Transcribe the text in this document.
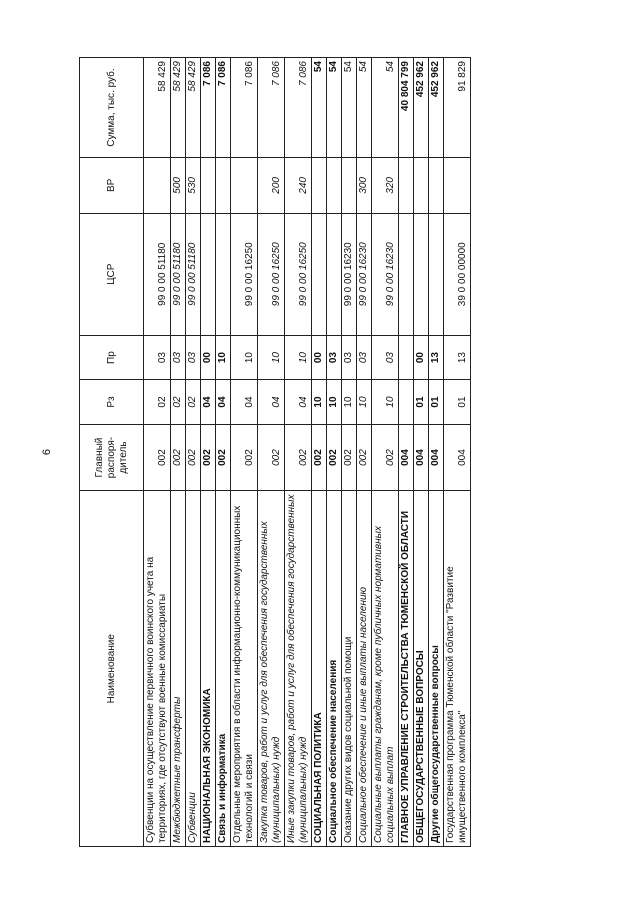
6
Наименование	Главный распоря-дитель	Рз	Пр	ЦСР	ВР	Сумма, тыс. руб.
Субвенции на осуществление первичного воинского учета на территориях, где отсутствуют военные комиссариаты	002	02	03	99 0 00 51180		58 429
Межбюджетные трансферты	002	02	03	99 0 00 51180	500	58 429
Субвенции	002	02	03	99 0 00 51180	530	58 429
НАЦИОНАЛЬНАЯ ЭКОНОМИКА	002	04	00			7 086
Связь и информатика	002	04	10			7 086
Отдельные мероприятия в области информационно-коммуникационных технологий и связи	002	04	10	99 0 00 16250		7 086
Закупка товаров, работ и услуг для обеспечения государственных (муниципальных) нужд	002	04	10	99 0 00 16250	200	7 086
Иные закупки товаров, работ и услуг для обеспечения государственных (муниципальных) нужд	002	04	10	99 0 00 16250	240	7 086
СОЦИАЛЬНАЯ ПОЛИТИКА	002	10	00			54
Социальное обеспечение населения	002	10	03			54
Оказание других видов социальной помощи	002	10	03	99 0 00 16230		54
Социальное обеспечение и иные выплаты населению	002	10	03	99 0 00 16230	300	54
Социальные выплаты гражданам, кроме публичных нормативных социальных выплат	002	10	03	99 0 00 16230	320	54
ГЛАВНОЕ УПРАВЛЕНИЕ СТРОИТЕЛЬСТВА ТЮМЕНСКОЙ ОБЛАСТИ	004					40 804 799
ОБЩЕГОСУДАРСТВЕННЫЕ ВОПРОСЫ	004	01	00			452 962
Другие общегосударственные вопросы	004	01	13			452 962
Государственная программа Тюменской области "Развитие имущественного комплекса"	004	01	13	39 0 00 00000		91 829
